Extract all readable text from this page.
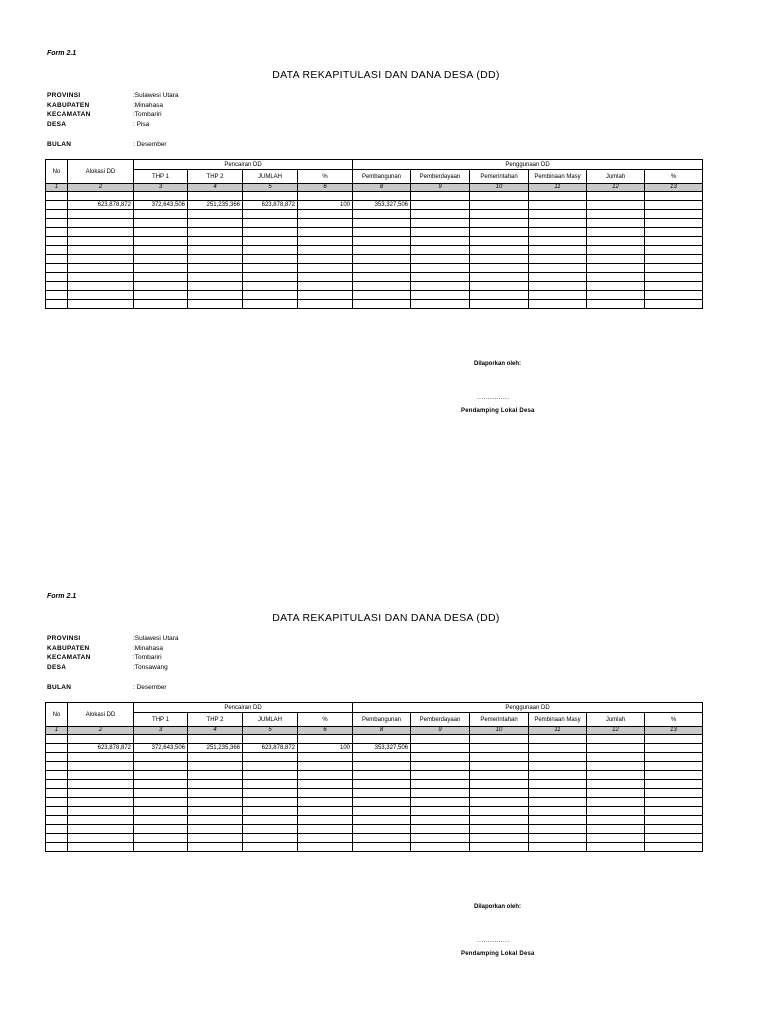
Form 2.1
DATA REKAPITULASI DAN DANA DESA (DD)
PROVINSI	:Sulawesi Utara
KABUPATEN	:Minahasa
KECAMATAN	:Tombariri
DESA	: Pisa
BULAN	: Desember
No	Alokasi DD	Pencairan DD				Penggunaan DD					
		THP 1	THP 2	JUMLAH	%	Pembangunan	Pemberdayaan	Pemerintahan	Pembinaan Masy	Jumlah	%
1	2	3	4	5	6	8	9	10	11	12	13

	623,878,872	372,643,506	251,235,366	623,878,872	100	353,327,506					

Dilaporkan oleh:
...............
Pendamping Lokal Desa
Form 2.1
DATA REKAPITULASI DAN DANA DESA (DD)
PROVINSI	:Sulawesi Utara
KABUPATEN	:Minahasa
KECAMATAN	:Tombariri
DESA	:Tonsawang
BULAN	: Desember
No	Alokasi DD	Pencairan DD				Penggunaan DD					
		THP 1	THP 2	JUMLAH	%	Pembangunan	Pemberdayaan	Pemerintahan	Pembinaan Masy	Jumlah	%
1	2	3	4	5	6	8	9	10	11	12	13

	623,878,872	372,643,506	251,235,366	623,878,872	100	353,327,506					

Dilaporkan oleh:
...............
Pendamping Lokal Desa
